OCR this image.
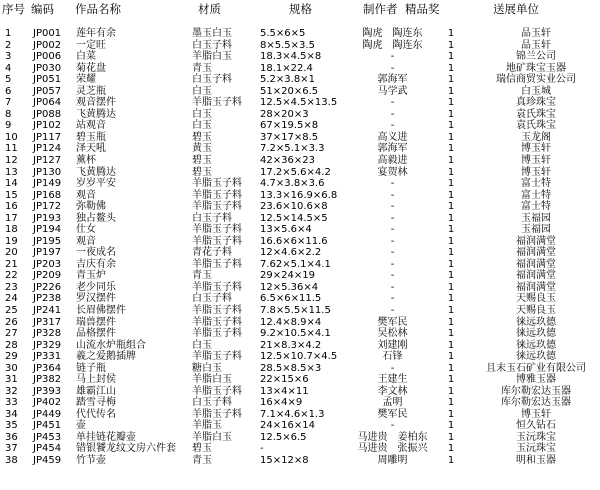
序号 编码 作品名称	材质	规格	制作者 精品奖	送展单位
1 JP001 莲年有余	墨玉白玉	5.5×6×5	陶虎　陶连东	1	品玉轩
2 JP002 一定旺	白玉子料	8×5.5×3.5	陶虎　陶连东	1	品玉轩
3 JP006 白菜	羊脂白玉	18.3×4.5×8	-	1	锦兰公司
4 JP030 菊花盘	青玉	18.1×22.4	-	1	地矿珠宝玉器
5 JP051 荣耀	白玉子料	5.2×3.8×1	郭海军	1	瑞信商贸实业公司
6 JP057 灵芝瓶	白玉	51×20×6.5	马学武	1	白玉城
7 JP064 观音摆件	羊脂玉子料 12.5×4.5×13.5	-	1	真珍珠宝
8 JP088 飞黄腾达	白玉	28×20×3	-	1	袁氏珠宝
9 JP102 站观音	白玉	67×19.5×8	-	1	袁氏珠宝
10 JP117 碧玉瓶	碧玉	37×17×8.5	高义进	1	玉龙阁
11 JP124 泽天吼	黄玉	7.2×5.1×3.3	郭海军	1	博玉轩
12 JP127 薰杯	碧玉	42×36×23	高毅进	1	博玉轩
13 JP130 飞黄腾达	碧玉	17.2×5.6×4.2	宴贺林	1	博玉轩
14 JP149 岁岁平安	羊脂玉子料 4.7×3.8×3.6	-	1	富士特
15 JP168 观音	羊脂玉子料 13.3×16.9×6.8	-	1	富士特
16 JP172 弥勒佛	羊脂玉子料 23.6×10.6×8	-	1	富士特
17 JP193 独占鳌头	白玉子料	12.5×14.5×5	-	1	玉福园
18 JP194 仕女	羊脂玉子料 13×5.6×4	-	1	玉福园
19 JP195 观音	羊脂玉子料 16.6×6×11.6	-	1	福润满堂
20 JP197 一夜成名	青花子料	12×4.6×2.2	-	1	福润满堂
21 JP203 吉庆有余	羊脂玉子料 7.62×5.1×4.1	-	1	福润满堂
22 JP209 青玉炉	青玉	29×24×19	-	1	福润满堂
23 JP226 老少同乐	羊脂玉子料 12×5.36×4	-	1	福润满堂
24 JP238 罗汉摆件	白玉子料	6.5×6×11.5	-	1	天赐良玉
25 JP241 长眉佛摆件	羊脂玉子料 7.8×5.5×11.5	-	1	天赐良玉
26 JP317 瑞兽摆件	羊脂玉子料 12.4×8.9×4	樊军民	1	徕远玖德
27 JP328 品格摆件	羊脂玉子料 9.2×10.5×4.1	吴松林	1	徕远玖德
28 JP329 山流水炉瓶组合	白玉	21×8.3×4.2	刘建刚	1	徕远玖德
29 JP331 羲之爱鹅插牌	羊脂玉子料 12.5×10.7×4.5	石锋	1	徕远玖德
30 JP364 链子瓶	糖白玉	28.5×8.5×3	-	1	且末玉石矿业有限公司
31 JP382 马上封侯	羊脂白玉	22×15×6	王建生	1	博雅玉器
32 JP393 雄霸江山	羊脂玉子料 13×4×11	李文林	1	库尔勒宏达玉器
33 JP402 踏雪寻梅	白玉子料	16×4×9	孟明	1	库尔勒宏达玉器
34 JP449 代代传名	羊脂玉子料 7.1×4.6×1.3	樊军民	1	博玉轩
35 JP451 壶	羊脂玉	24×16×14	-	1	恒久钻石
36 JP453 单挂链花瓣壶	羊脂白玉	12.5×6.5	马进贵　姜柏东	1	玉沅珠宝
37 JP454 错银饕龙纹文房六件套 碧玉	-	马进贵　张振兴	1	玉沅珠宝
38 JP459 竹节壶	青玉	15×12×8	周雕明	1	明和玉器
